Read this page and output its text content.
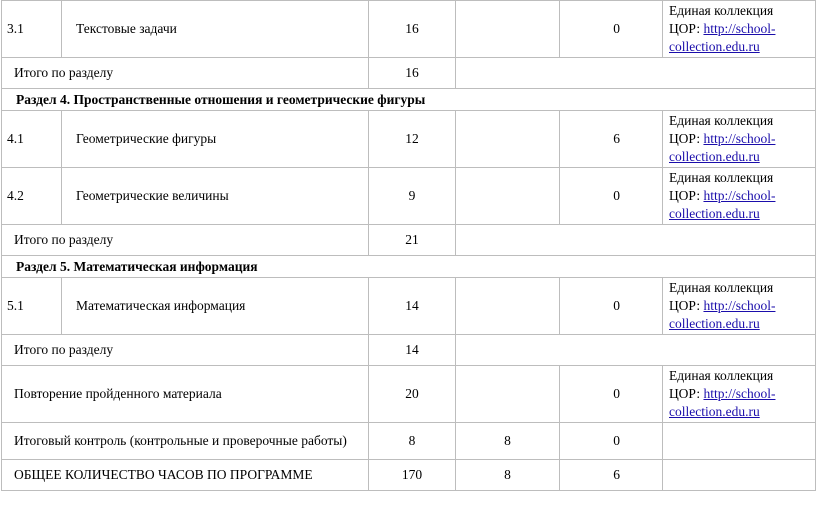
3.1	Текстовые задачи	16		0	Единая коллекция
ЦОР: http://school-collection.edu.ru
Итого по разделу		16			
Раздел 4. Пространственные отношения и геометрические фигуры					
4.1	Геометрические фигуры	12		6	Единая коллекция
ЦОР: http://school-collection.edu.ru
4.2	Геометрические величины	9		0	Единая коллекция
ЦОР: http://school-collection.edu.ru
Итого по разделу		21			
Раздел 5. Математическая информация					
5.1	Математическая информация	14		0	Единая коллекция
ЦОР: http://school-collection.edu.ru
Итого по разделу		14			
Повторение пройденного материала		20		0	Единая коллекция
ЦОР: http://school-collection.edu.ru
Итоговый контроль (контрольные и проверочные работы)		8	8	0	
ОБЩЕЕ КОЛИЧЕСТВО ЧАСОВ ПО ПРОГРАММЕ		170	8	6	
